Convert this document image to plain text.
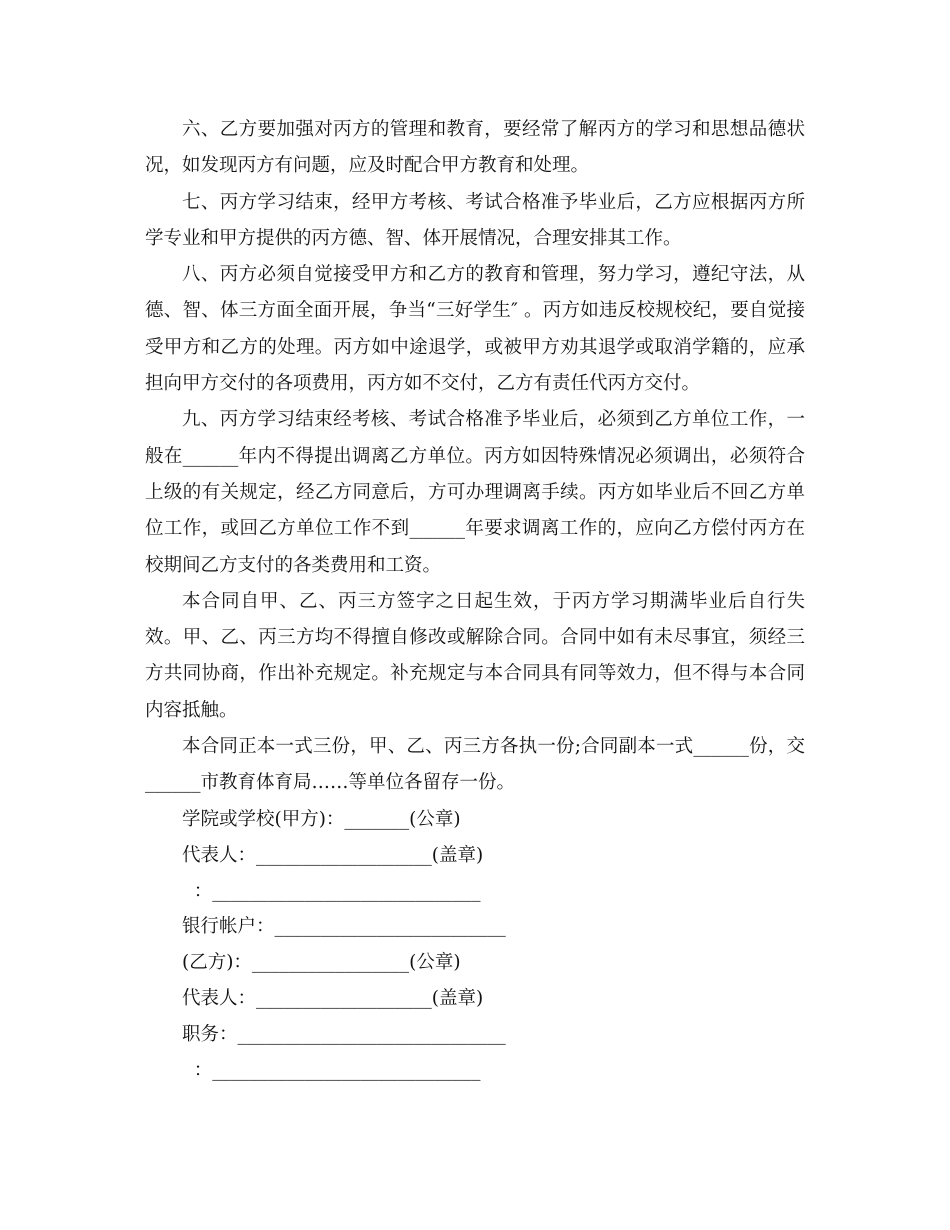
六、乙方要加强对丙方的管理和教育，要经常了解丙方的学习和思想品德状况，如发现丙方有问题，应及时配合甲方教育和处理。

七、丙方学习结束，经甲方考核、考试合格准予毕业后，乙方应根据丙方所学专业和甲方提供的丙方德、智、体开展情况，合理安排其工作。

八、丙方必须自觉接受甲方和乙方的教育和管理，努力学习，遵纪守法，从德、智、体三方面全面开展，争当“三好学生″ 。丙方如违反校规校纪，要自觉接受甲方和乙方的处理。丙方如中途退学，或被甲方劝其退学或取消学籍的，应承担向甲方交付的各项费用，丙方如不交付，乙方有责任代丙方交付。

九、丙方学习结束经考核、考试合格准予毕业后，必须到乙方单位工作，一般在______年内不得提出调离乙方单位。丙方如因特殊情况必须调出，必须符合上级的有关规定，经乙方同意后，方可办理调离手续。丙方如毕业后不回乙方单位工作，或回乙方单位工作不到______年要求调离工作的，应向乙方偿付丙方在校期间乙方支付的各类费用和工资。

本合同自甲、乙、丙三方签字之日起生效，于丙方学习期满毕业后自行失效。甲、乙、丙三方均不得擅自修改或解除合同。合同中如有未尽事宜，须经三方共同协商，作出补充规定。补充规定与本合同具有同等效力，但不得与本合同内容抵触。

本合同正本一式三份，甲、乙、丙三方各执一份;合同副本一式______份，交______市教育体育局……等单位各留存一份。

学院或学校(甲方)：_______(公章)

代表人：___________________(盖章)

：_____________________________

银行帐户：_________________________

(乙方)：_________________(公章)

代表人：___________________(盖章)

职务：_____________________________

：_____________________________
